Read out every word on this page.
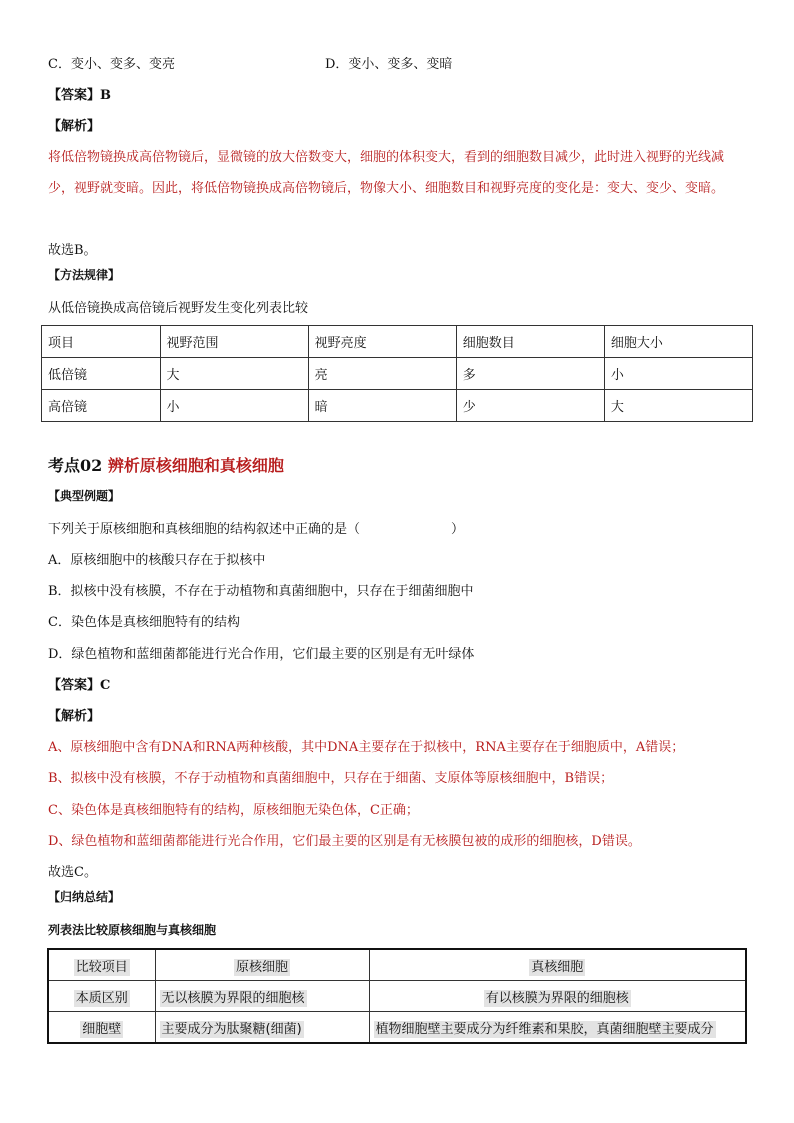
C．变小、变多、变亮	D．变小、变多、变暗
【答案】B
【解析】
将低倍物镜换成高倍物镜后，显微镜的放大倍数变大，细胞的体积变大，看到的细胞数目减少，此时进入视野的光线减少，视野就变暗。因此，将低倍物镜换成高倍物镜后，物像大小、细胞数目和视野亮度的变化是：变大、变少、变暗。
故选B。
【方法规律】
从低倍镜换成高倍镜后视野发生变化列表比较
项目	视野范围	视野亮度	细胞数目	细胞大小
低倍镜	大	亮	多	小
高倍镜	小	暗	少	大
考点02 辨析原核细胞和真核细胞
【典型例题】
下列关于原核细胞和真核细胞的结构叙述中正确的是（　　　　　　　）
A．原核细胞中的核酸只存在于拟核中
B．拟核中没有核膜，不存在于动植物和真菌细胞中，只存在于细菌细胞中
C．染色体是真核细胞特有的结构
D．绿色植物和蓝细菌都能进行光合作用，它们最主要的区别是有无叶绿体
【答案】C
【解析】
A、原核细胞中含有DNA和RNA两种核酸，其中DNA主要存在于拟核中，RNA主要存在于细胞质中，A错误；
B、拟核中没有核膜，不存于动植物和真菌细胞中，只存在于细菌、支原体等原核细胞中，B错误；
C、染色体是真核细胞特有的结构，原核细胞无染色体，C正确；
D、绿色植物和蓝细菌都能进行光合作用，它们最主要的区别是有无核膜包被的成形的细胞核，D错误。
故选C。
【归纳总结】
列表法比较原核细胞与真核细胞
比较项目	原核细胞	真核细胞
本质区别	无以核膜为界限的细胞核	有以核膜为界限的细胞核
细胞壁	主要成分为肽聚糖(细菌)	植物细胞壁主要成分为纤维素和果胶，真菌细胞壁主要成分
